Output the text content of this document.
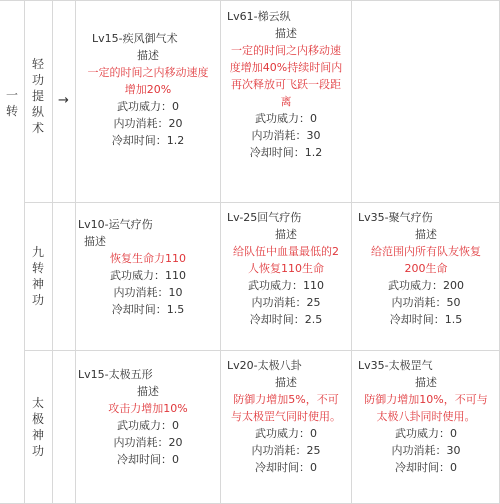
一转
轻功提纵术
→
Lv15-疾风御气术
描述
一定的时间之内移动速度
增加20%
武功威力：0
内功消耗：20
冷却时间：1.2
Lv61-梯云纵
描述
一定的时间之内移动速
度增加40%持续时间内
再次释放可飞跃一段距
离
武功威力：0
内功消耗：30
冷却时间：1.2
九转神功
Lv10-运气疗伤
描述
恢复生命力110
武功威力：110
内功消耗：10
冷却时间：1.5
Lv-25回气疗伤
描述
给队伍中血量最低的2
人恢复110生命
武功威力：110
内功消耗：25
冷却时间：2.5
Lv35-聚气疗伤
描述
给范围内所有队友恢复
200生命
武功威力：200
内功消耗：50
冷却时间：1.5
太极神功
Lv15-太极五形
描述
攻击力增加10%
武功威力：0
内功消耗：20
冷却时间：0
Lv20-太极八卦
描述
防御力增加5%，不可
与太极罡气同时使用。
武功威力：0
内功消耗：25
冷却时间：0
Lv35-太极罡气
描述
防御力增加10%，不可与
太极八卦同时使用。
武功威力：0
内功消耗：30
冷却时间：0
